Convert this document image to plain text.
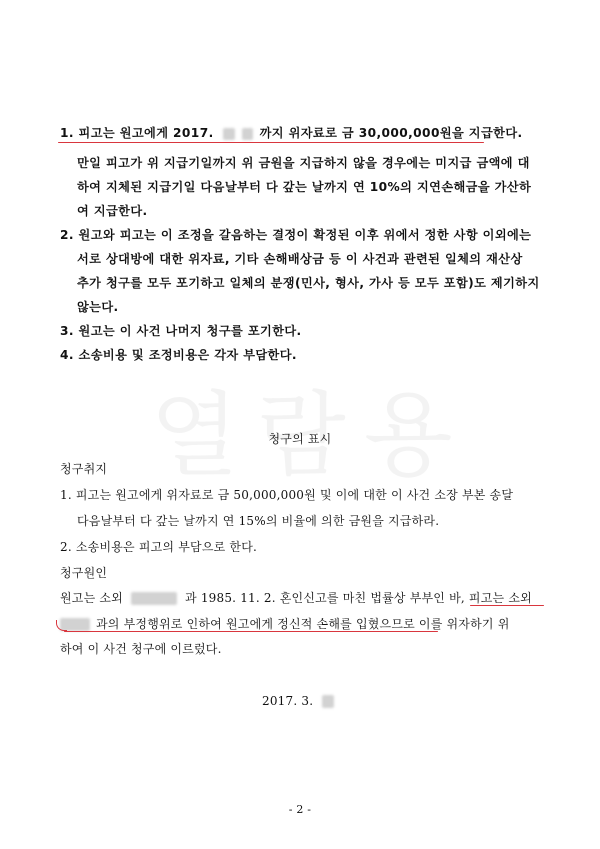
1. 피고는 원고에게 2017.	까지 위자료로 금 30,000,000원을 지급한다.
만일 피고가 위 지급기일까지 위 금원을 지급하지 않을 경우에는 미지급 금액에 대
하여 지체된 지급기일 다음날부터 다 갚는 날까지 연 10%의 지연손해금을 가산하
여 지급한다.
2. 원고와 피고는 이 조정을 갈음하는 결정이 확정된 이후 위에서 정한 사항 이외에는
서로 상대방에 대한 위자료, 기타 손해배상금 등 이 사건과 관련된 일체의 재산상
추가 청구를 모두 포기하고 일체의 분쟁(민사, 형사, 가사 등 모두 포함)도 제기하지
않는다.
3. 원고는 이 사건 나머지 청구를 포기한다.
4. 소송비용 및 조정비용은 각자 부담한다.
청구의 표시
청구취지
1. 피고는 원고에게 위자료로 금 50,000,000원 및 이에 대한 이 사건 소장 부본 송달
다음날부터 다 갚는 날까지 연 15%의 비율에 의한 금원을 지급하라.
2. 소송비용은 피고의 부담으로 한다.
청구원인
원고는 소외	과 1985. 11. 2. 혼인신고를 마친 법률상 부부인 바, 피고는 소외
과의 부정행위로 인하여 원고에게 정신적 손해를 입혔으므로 이를 위자하기 위
하여 이 사건 청구에 이르렀다.
2017. 3.
- 2 -
